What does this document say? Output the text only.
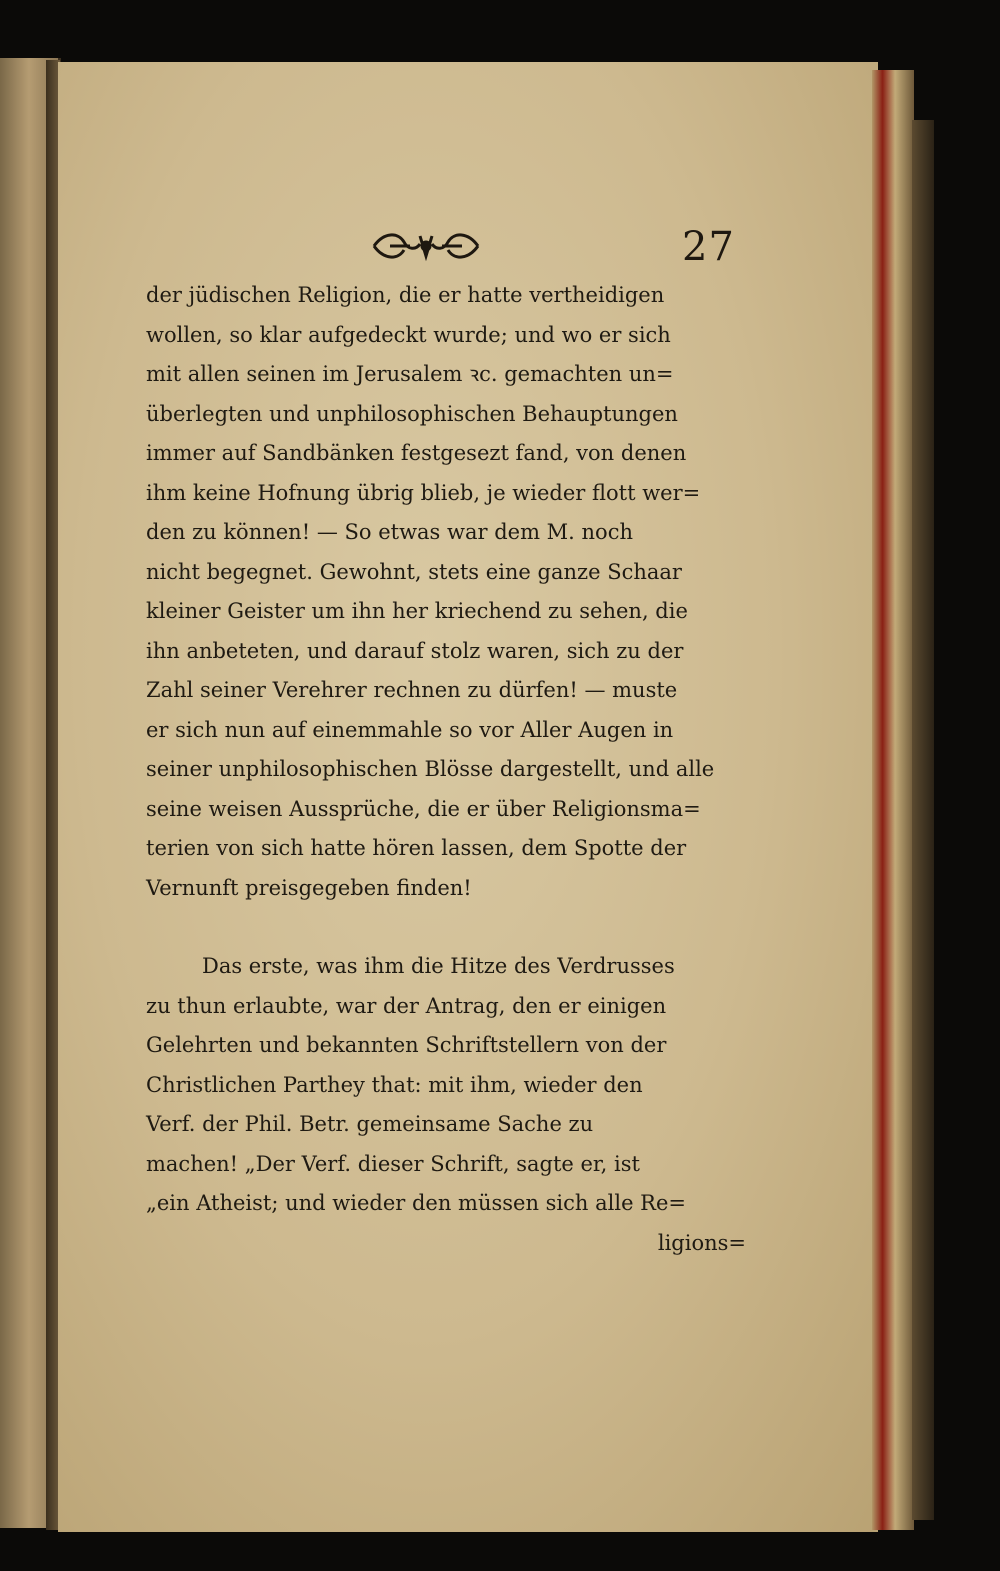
27
der jüdischen Religion, die er hatte vertheidigen
wollen, so klar aufgedeckt wurde; und wo er sich
mit allen seinen im Jerusalem ꝛc. gemachten un=
überlegten und unphilosophischen Behauptungen
immer auf Sandbänken festgesezt fand, von denen
ihm keine Hofnung übrig blieb, je wieder flott wer=
den zu können! — So etwas war dem M. noch
nicht begegnet. Gewohnt, stets eine ganze Schaar
kleiner Geister um ihn her kriechend zu sehen, die
ihn anbeteten, und darauf stolz waren, sich zu der
Zahl seiner Verehrer rechnen zu dürfen! — muste
er sich nun auf einemmahle so vor Aller Augen in
seiner unphilosophischen Blösse dargestellt, und alle
seine weisen Aussprüche, die er über Religionsma=
terien von sich hatte hören lassen, dem Spotte der
Vernunft preisgegeben finden!
Das erste, was ihm die Hitze des Verdrusses
zu thun erlaubte, war der Antrag, den er einigen
Gelehrten und bekannten Schriftstellern von der
Christlichen Parthey that: mit ihm, wieder den
Verf. der Phil. Betr. gemeinsame Sache zu
machen! „Der Verf. dieser Schrift, sagte er, ist
„ein Atheist; und wieder den müssen sich alle Re=
ligions=
